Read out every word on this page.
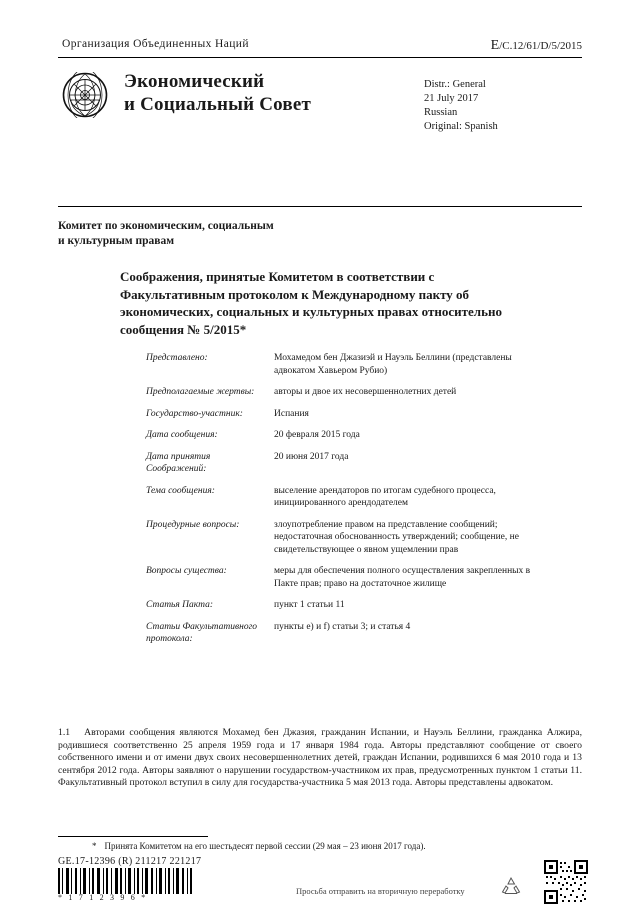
Организация Объединенных Наций	E/C.12/61/D/5/2015
Экономический
и Социальный Совет
Distr.: General
21 July 2017
Russian
Original: Spanish
Комитет по экономическим, социальным
и культурным правам
Соображения, принятые Комитетом в соответствии с Факультативным протоколом к Международному пакту об экономических, социальных и культурных правах относительно сообщения № 5/2015*
Представлено:	Мохамедом бен Джазиэй и Науэль Беллини (представлены адвокатом Хавьером Рубио)
Предполагаемые жертвы:	авторы и двое их несовершеннолетних детей
Государство-участник:	Испания
Дата сообщения:	20 февраля 2015 года
Дата принятия Соображений:
20 июня 2017 года
Тема сообщения:	выселение арендаторов по итогам судебного процесса, инициированного арендодателем
Процедурные вопросы:	злоупотребление правом на представление сообщений; недостаточная обоснованность утверждений; сообщение, не свидетельствующее о явном ущемлении прав
Вопросы существа:	меры для обеспечения полного осуществления закрепленных в Пакте прав; право на достаточное жилище
Статья Пакта:	пункт 1 статьи 11
Статьи Факультативного протокола:
пункты e) и f) статьи 3; и статья 4
1.1 Авторами сообщения являются Мохамед бен Джазия, гражданин Испании, и Науэль Беллини, гражданка Алжира, родившиеся соответственно 25 апреля 1959 года и 17 января 1984 года. Авторы представляют сообщение от своего собственного имени и от имени двух своих несовершеннолетних детей, граждан Испании, родившихся 6 мая 2010 года и 13 сентября 2012 года. Авторы заявляют о нарушении государством-участником их прав, предусмотренных пунктом 1 статьи 11. Факультативный протокол вступил в силу для государства-участника 5 мая 2013 года. Авторы представлены адвокатом.
* Принята Комитетом на его шестьдесят первой сессии (29 мая – 23 июня 2017 года).
GE.17-12396 (R) 211217 221217
* 1 7 1 2 3 9 6 *
Просьба отправить на вторичную переработку
